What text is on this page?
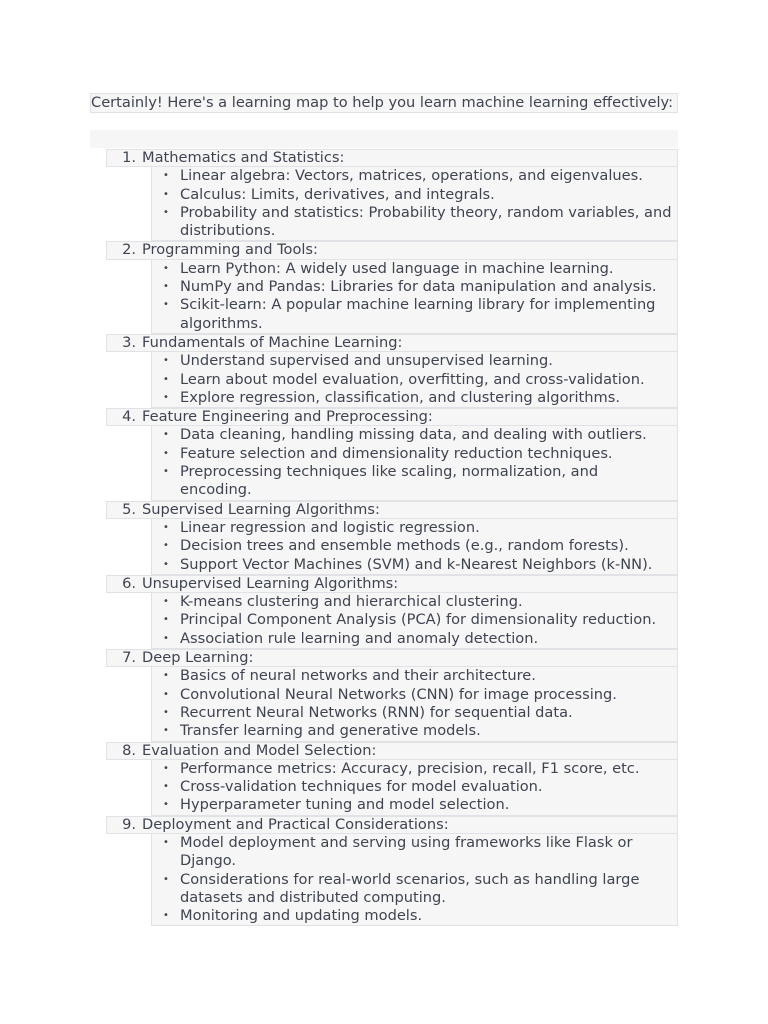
Certainly! Here's a learning map to help you learn machine learning effectively:

1. Mathematics and Statistics:
• Linear algebra: Vectors, matrices, operations, and eigenvalues.
• Calculus: Limits, derivatives, and integrals.
• Probability and statistics: Probability theory, random variables, and distributions.
2. Programming and Tools:
• Learn Python: A widely used language in machine learning.
• NumPy and Pandas: Libraries for data manipulation and analysis.
• Scikit-learn: A popular machine learning library for implementing algorithms.
3. Fundamentals of Machine Learning:
• Understand supervised and unsupervised learning.
• Learn about model evaluation, overfitting, and cross-validation.
• Explore regression, classification, and clustering algorithms.
4. Feature Engineering and Preprocessing:
• Data cleaning, handling missing data, and dealing with outliers.
• Feature selection and dimensionality reduction techniques.
• Preprocessing techniques like scaling, normalization, and encoding.
5. Supervised Learning Algorithms:
• Linear regression and logistic regression.
• Decision trees and ensemble methods (e.g., random forests).
• Support Vector Machines (SVM) and k-Nearest Neighbors (k-NN).
6. Unsupervised Learning Algorithms:
• K-means clustering and hierarchical clustering.
• Principal Component Analysis (PCA) for dimensionality reduction.
• Association rule learning and anomaly detection.
7. Deep Learning:
• Basics of neural networks and their architecture.
• Convolutional Neural Networks (CNN) for image processing.
• Recurrent Neural Networks (RNN) for sequential data.
• Transfer learning and generative models.
8. Evaluation and Model Selection:
• Performance metrics: Accuracy, precision, recall, F1 score, etc.
• Cross-validation techniques for model evaluation.
• Hyperparameter tuning and model selection.
9. Deployment and Practical Considerations:
• Model deployment and serving using frameworks like Flask or Django.
• Considerations for real-world scenarios, such as handling large datasets and distributed computing.
• Monitoring and updating models.
